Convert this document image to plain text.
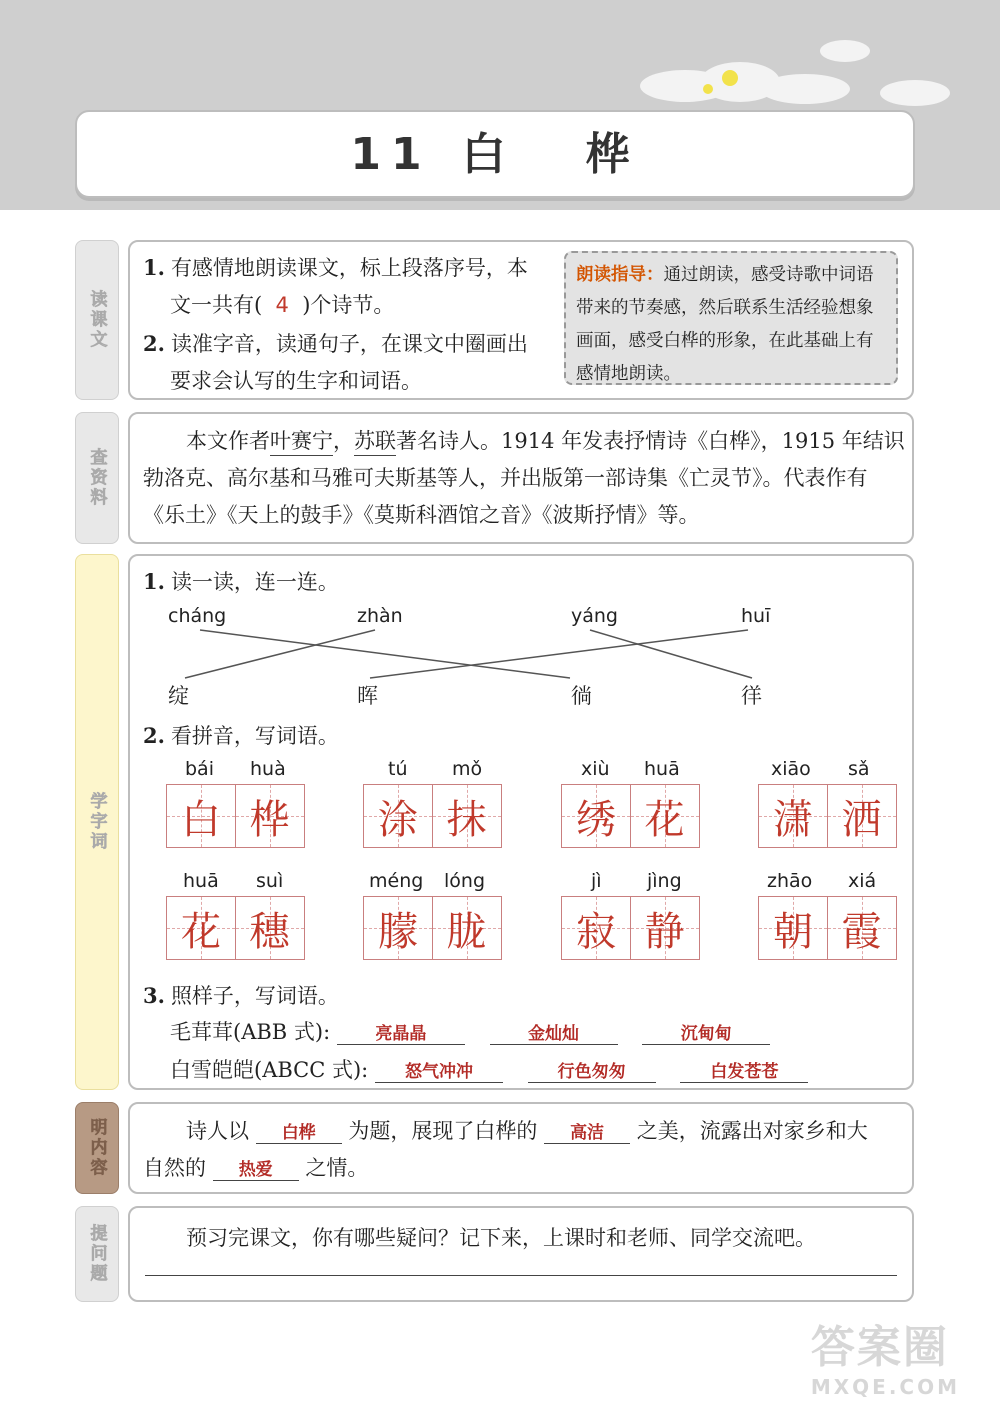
11 白 桦
读课文
1. 有感情地朗读课文，标上段落序号，本
文一共有( 4 )个诗节。
2. 读准字音，读通句子，在课文中圈画出
要求会认写的生字和词语。
朗读指导：通过朗读，感受诗歌中词语带来的节奏感，然后联系生活经验想象画面，感受白桦的形象，在此基础上有感情地朗读。
查资料
本文作者叶赛宁，苏联著名诗人。1914 年发表抒情诗《白桦》，1915 年结识
勃洛克、高尔基和马雅可夫斯基等人，并出版第一部诗集《亡灵节》。代表作有
《乐土》《天上的鼓手》《莫斯科酒馆之音》《波斯抒情》等。
学字词
1. 读一读，连一连。
cháng	zhàn	yáng	huī
绽	晖	徜	徉
2. 看拼音，写词语。
bái huà
白 桦
tú mǒ
涂 抹
xiù huā
绣 花
xiāo sǎ
潇 洒
huā suì
花 穗
méng lóng
朦 胧
jì jìng
寂 静
zhāo xiá
朝 霞
3. 照样子，写词语。
毛茸茸(ABB 式):	亮晶晶	金灿灿	沉甸甸
白雪皑皑(ABCC 式): 怒气冲冲	行色匆匆	白发苍苍
明内容	诗人以 白桦 为题，展现了白桦的 高洁 之美，流露出对家乡和大
自然的 热爱 之情。
提问题	预习完课文，你有哪些疑问？记下来，上课时和老师、同学交流吧。
答案圈
MXQE.COM
